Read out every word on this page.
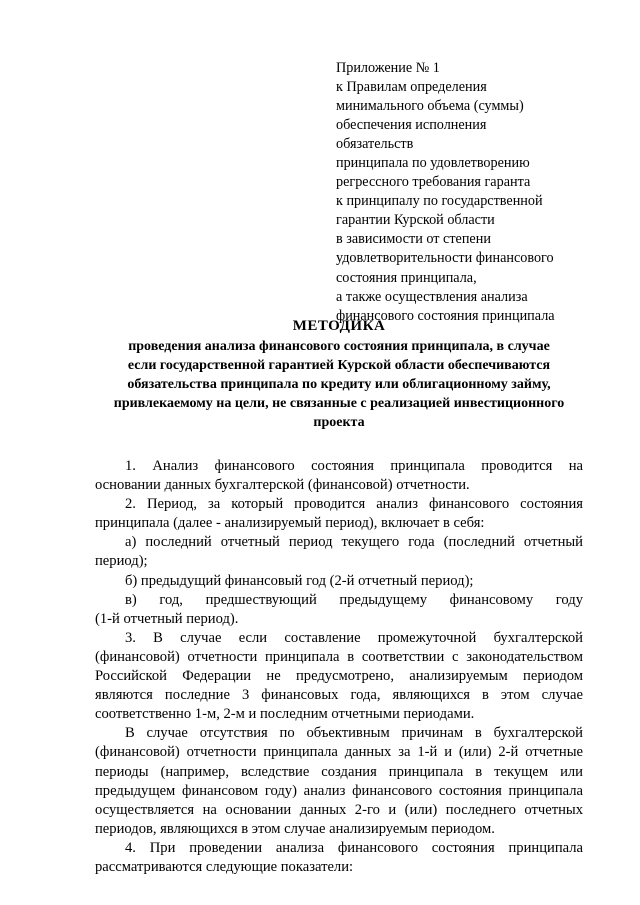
Приложение № 1
к Правилам определения
минимального объема (суммы)
обеспечения исполнения
обязательств
принципала по удовлетворению
регрессного требования гаранта
к принципалу по государственной
гарантии Курской области
в зависимости от степени
удовлетворительности финансового
состояния принципала,
а также осуществления анализа
финансового состояния принципала
МЕТОДИКА
проведения анализа финансового состояния принципала, в случае
если государственной гарантией Курской области обеспечиваются
обязательства принципала по кредиту или облигационному займу,
привлекаемому на цели, не связанные с реализацией инвестиционного
проекта
1. Анализ финансового состояния принципала проводится на
основании данных бухгалтерской (финансовой) отчетности.
2. Период, за который проводится анализ финансового состояния
принципала (далее - анализируемый период), включает в себя:
а) последний отчетный период текущего года (последний отчетный
период);
б) предыдущий финансовый год (2-й отчетный период);
в) год, предшествующий предыдущему финансовому году
(1-й отчетный период).
3. В случае если составление промежуточной бухгалтерской
(финансовой) отчетности принципала в соответствии с законодательством
Российской Федерации не предусмотрено, анализируемым периодом
являются последние 3 финансовых года, являющихся в этом случае
соответственно 1-м, 2-м и последним отчетными периодами.
В случае отсутствия по объективным причинам в бухгалтерской
(финансовой) отчетности принципала данных за 1-й и (или) 2-й отчетные
периоды (например, вследствие создания принципала в текущем или
предыдущем финансовом году) анализ финансового состояния принципала
осуществляется на основании данных 2-го и (или) последнего отчетных
периодов, являющихся в этом случае анализируемым периодом.
4. При проведении анализа финансового состояния принципала
рассматриваются следующие показатели:
